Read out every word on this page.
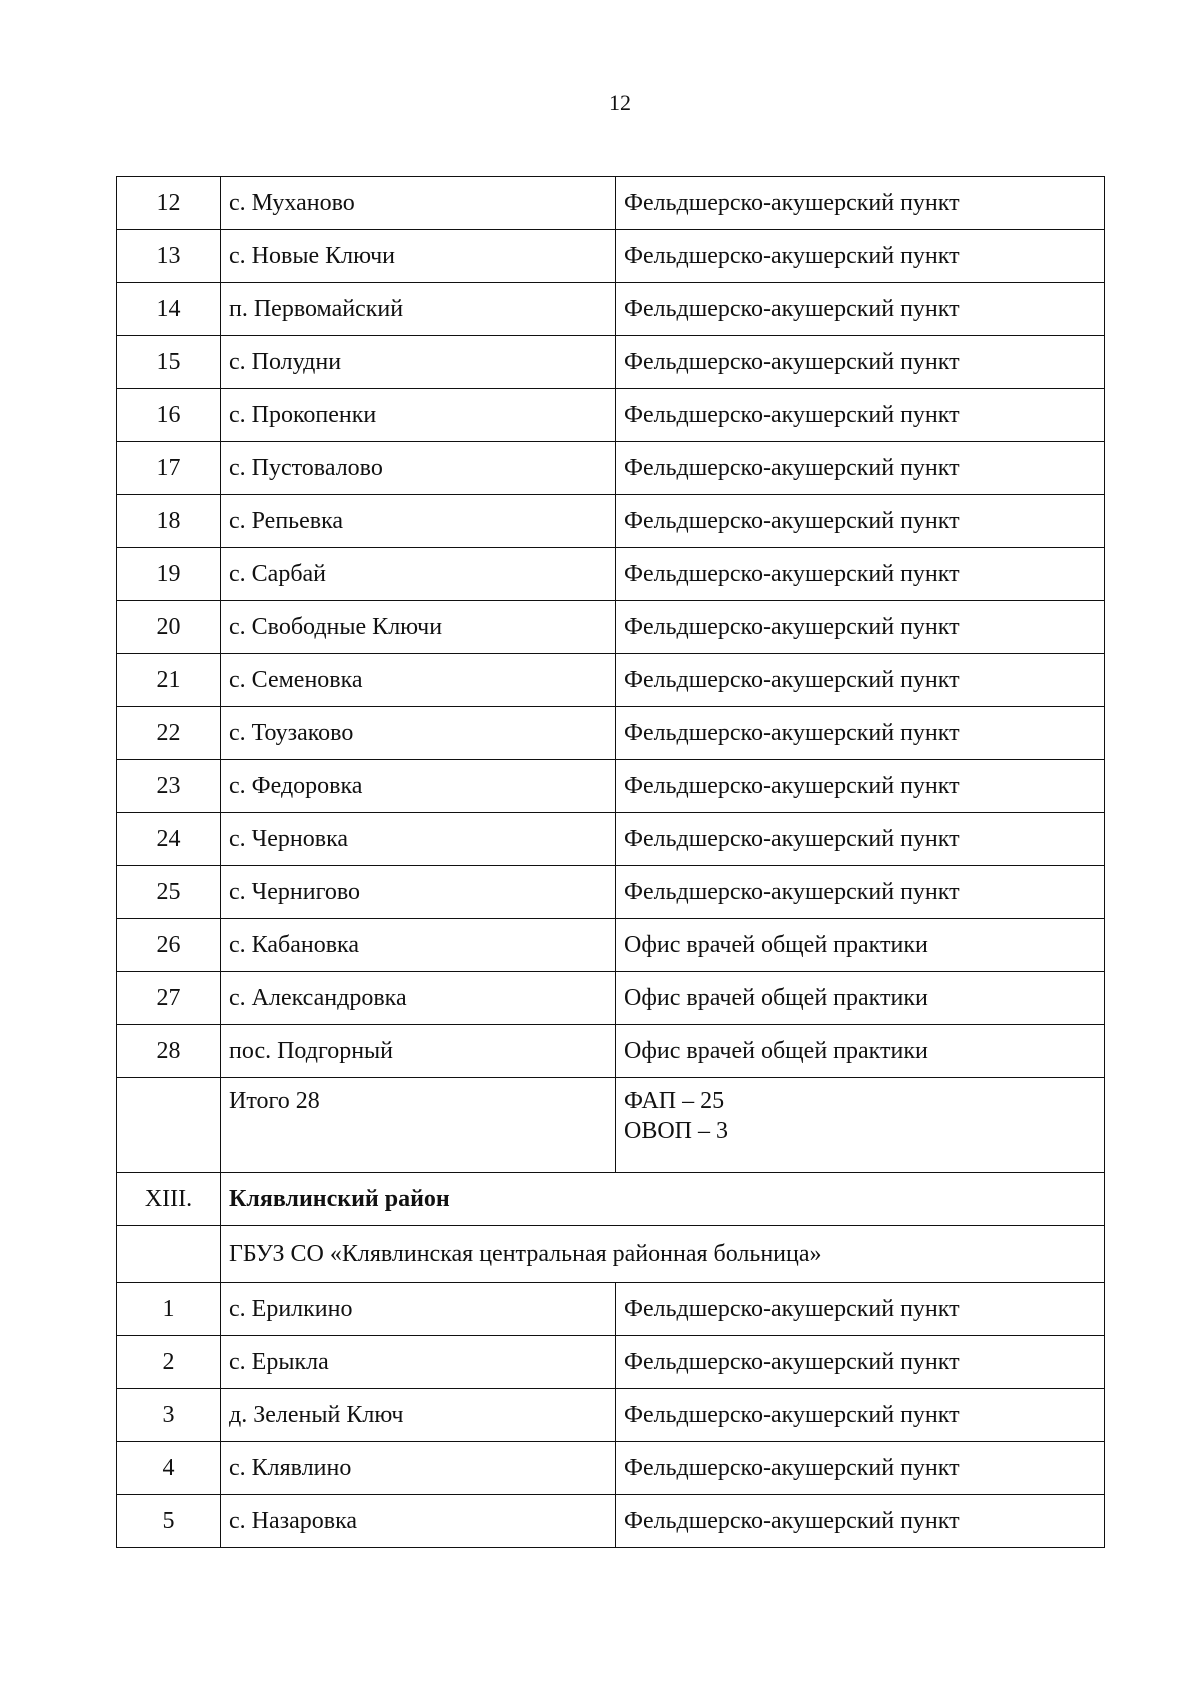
12
12	с. Муханово	Фельдшерско-акушерский пункт
13	с. Новые Ключи	Фельдшерско-акушерский пункт
14	п. Первомайский	Фельдшерско-акушерский пункт
15	с. Полудни	Фельдшерско-акушерский пункт
16	с. Прокопенки	Фельдшерско-акушерский пункт
17	с. Пустовалово	Фельдшерско-акушерский пункт
18	с. Репьевка	Фельдшерско-акушерский пункт
19	с. Сарбай	Фельдшерско-акушерский пункт
20	с. Свободные Ключи	Фельдшерско-акушерский пункт
21	с. Семеновка	Фельдшерско-акушерский пункт
22	с. Тоузаково	Фельдшерско-акушерский пункт
23	с. Федоровка	Фельдшерско-акушерский пункт
24	с. Черновка	Фельдшерско-акушерский пункт
25	с. Чернигово	Фельдшерско-акушерский пункт
26	с. Кабановка	Офис врачей общей практики
27	с. Александровка	Офис врачей общей практики
28	пос. Подгорный	Офис врачей общей практики
	Итого 28	ФАП – 25
ОВОП – 3

XIII.	Клявлинский район	
	ГБУЗ СО «Клявлинская центральная районная больница»	
1	с. Ерилкино	Фельдшерско-акушерский пункт
2	с. Ерыкла	Фельдшерско-акушерский пункт
3	д. Зеленый Ключ	Фельдшерско-акушерский пункт
4	с. Клявлино	Фельдшерско-акушерский пункт
5	с. Назаровка	Фельдшерско-акушерский пункт
